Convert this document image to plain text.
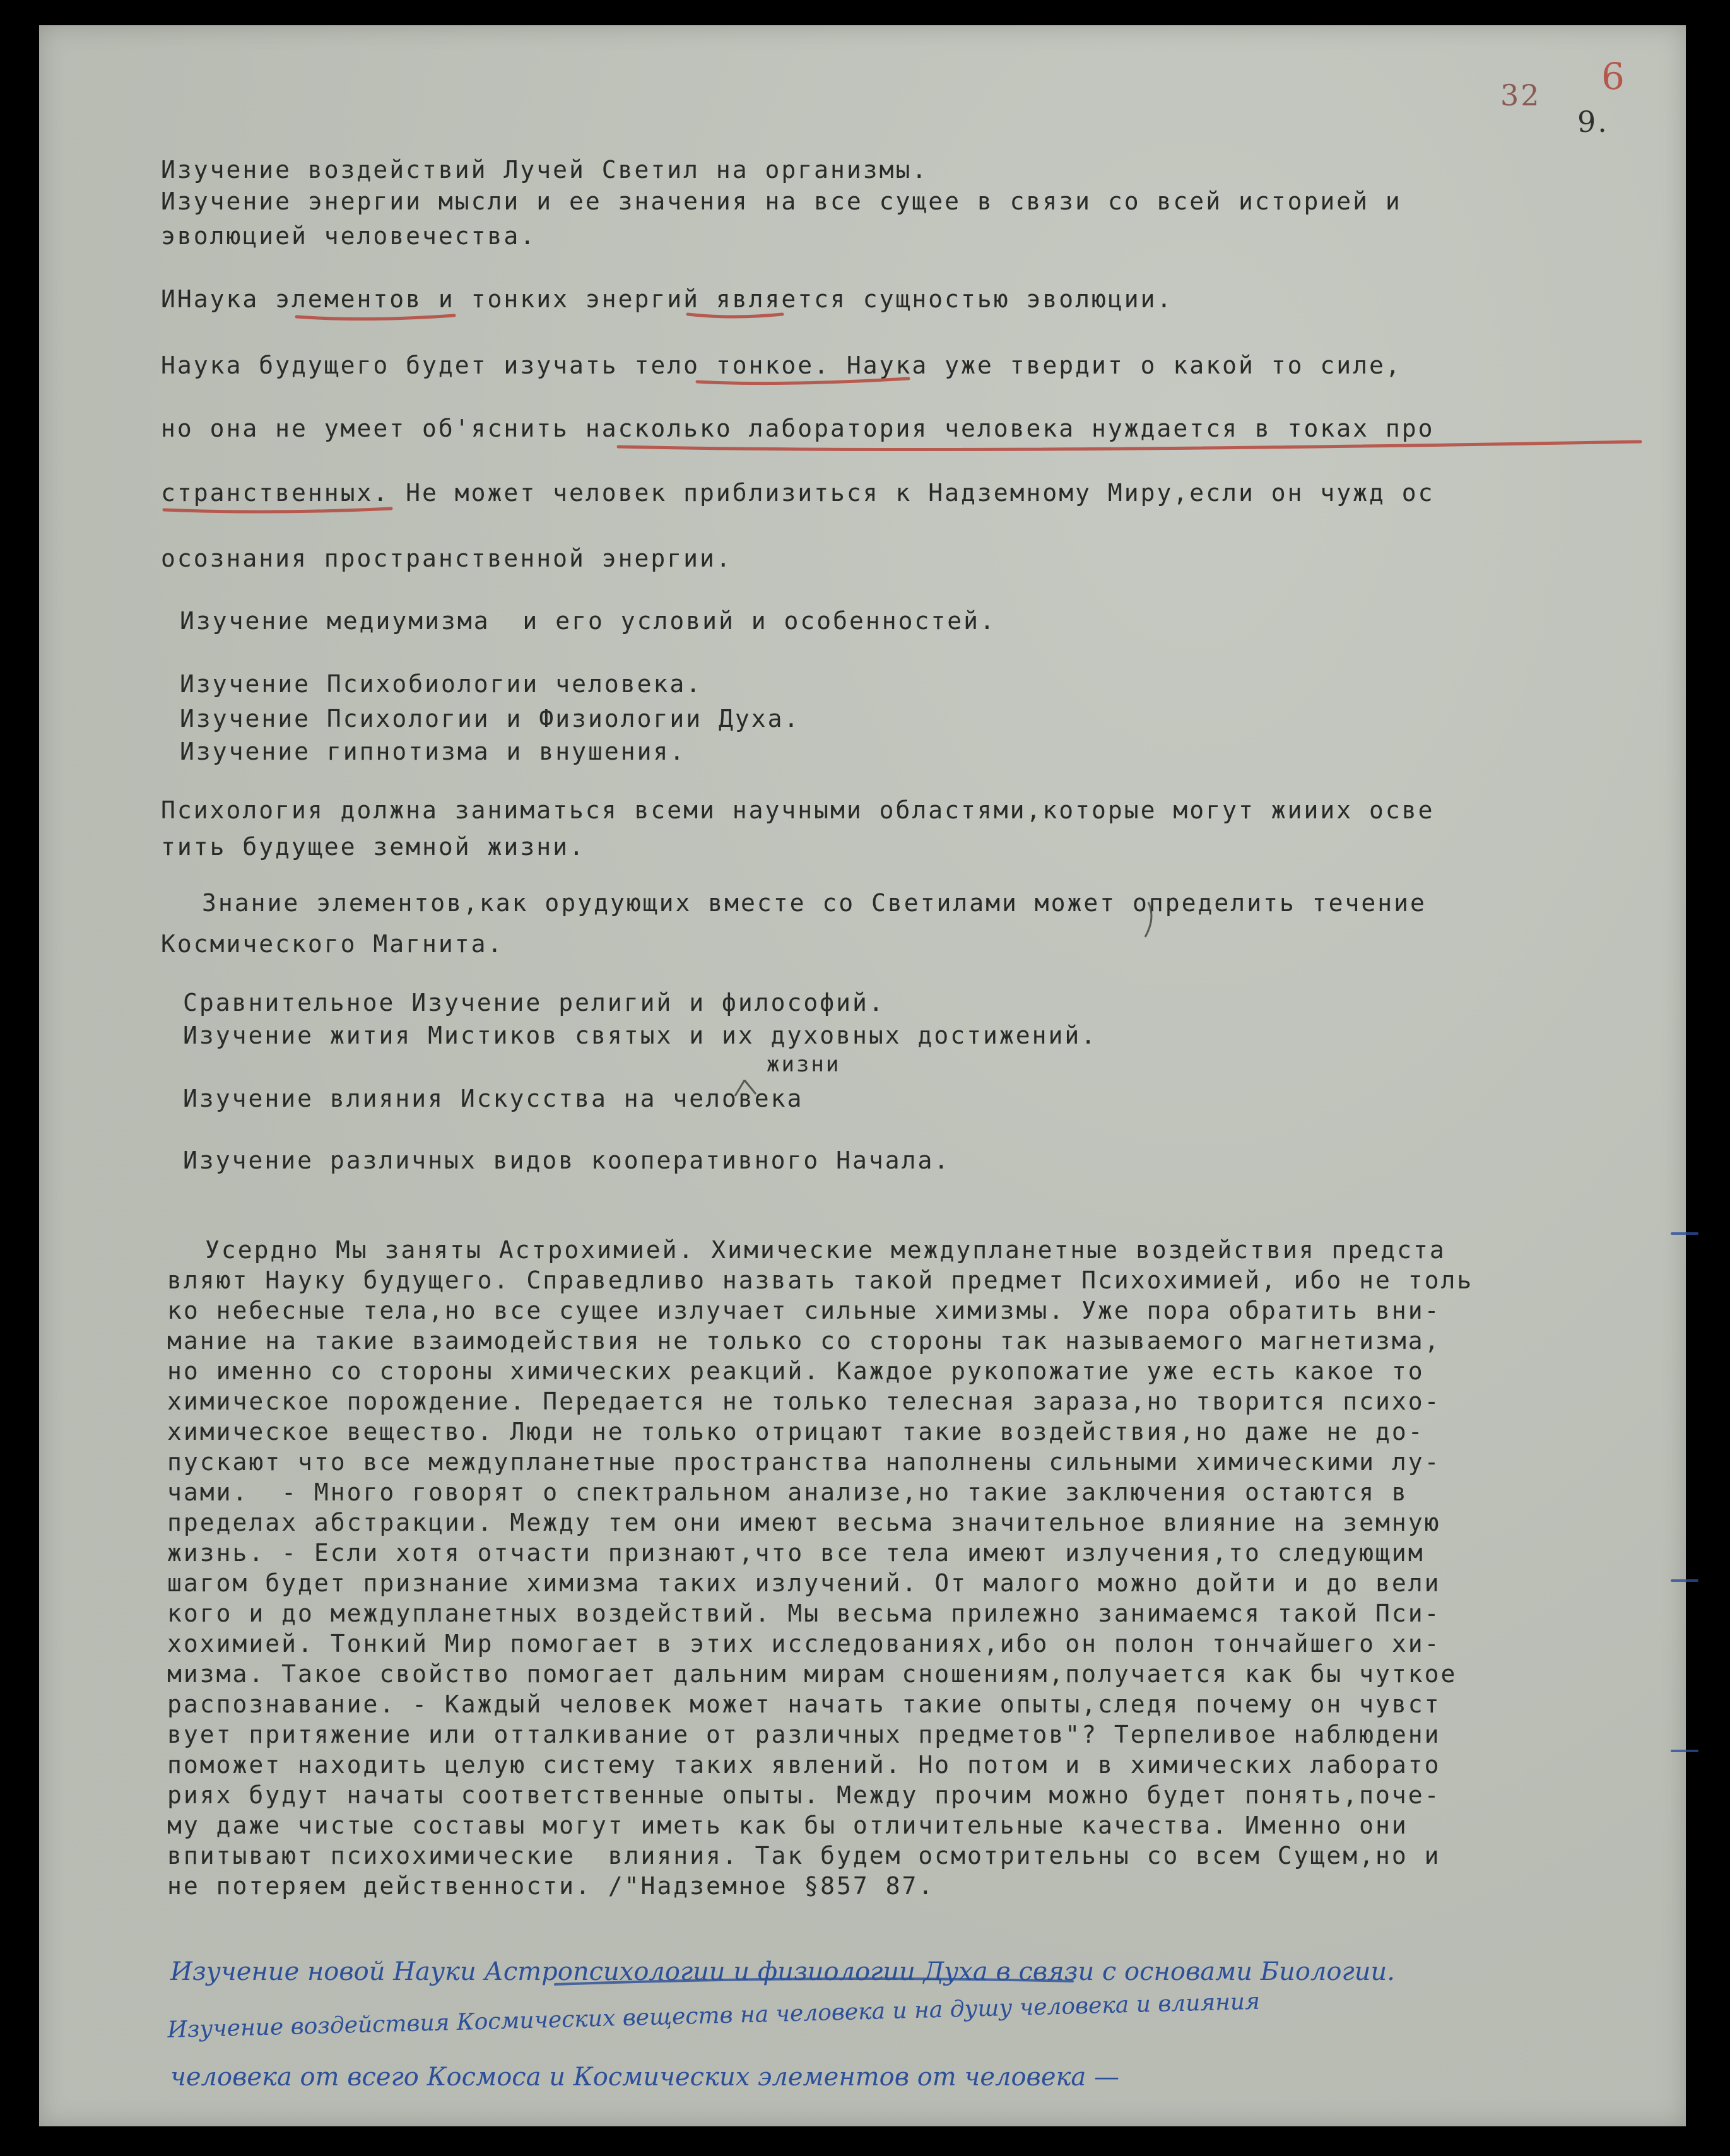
32 6
9.
Изучение воздействий Лучей Светил на организмы.
Изучение энергии мысли и ее значения на все сущее в связи со всей историей и
эволюцией человечества.
ИНаука элементов и тонких энергий является сущностью эволюции.
Наука будущего будет изучать тело тонкое. Наука уже твердит о какой то силе,
но она не умеет об'яснить насколько лаборатория человека нуждается в токах про
странственных. Не может человек приблизиться к Надземному Миру,если он чужд ос
осознания пространственной энергии.
Изучение медиумизма  и его условий и особенностей.
Изучение Психобиологии человека.
Изучение Психологии и Физиологии Духа.
Изучение гипнотизма и внушения.
Психология должна заниматься всеми научными областями,которые могут жииих осве
тить будущее земной жизни.
Знание элементов,как орудующих вместе со Светилами может определить течение
Космического Магнита.
Сравнительное Изучение религий и философий.
Изучение жития Мистиков святых и их духовных достижений.
жизни
Изучение влияния Искусства на человека
Изучение различных видов кооперативного Начала.
Усердно Мы заняты Астрохимией. Химические междупланетные воздействия предста
вляют Науку будущего. Справедливо назвать такой предмет Психохимией, ибо не толь
ко небесные тела,но все сущее излучает сильные химизмы. Уже пора обратить вни-
мание на такие взаимодействия не только со стороны так называемого магнетизма,
но именно со стороны химических реакций. Каждое рукопожатие уже есть какое то
химическое порождение. Передается не только телесная зараза,но творится психо-
химическое вещество. Люди не только отрицают такие воздействия,но даже не до-
пускают что все междупланетные пространства наполнены сильными химическими лу-
чами.  - Много говорят о спектральном анализе,но такие заключения остаются в
пределах абстракции. Между тем они имеют весьма значительное влияние на земную
жизнь. - Если хотя отчасти признают,что все тела имеют излучения,то следующим
шагом будет признание химизма таких излучений. От малого можно дойти и до вели
кого и до междупланетных воздействий. Мы весьма прилежно занимаемся такой Пси-
хохимией. Тонкий Мир помогает в этих исследованиях,ибо он полон тончайшего хи-
мизма. Такое свойство помогает дальним мирам сношениям,получается как бы чуткое
распознавание. - Каждый человек может начать такие опыты,следя почему он чувст
вует притяжение или отталкивание от различных предметов"? Терпеливое наблюдени
поможет находить целую систему таких явлений. Но потом и в химических лаборато
риях будут начаты соответственные опыты. Между прочим можно будет понять,поче-
му даже чистые составы могут иметь как бы отличительные качества. Именно они
впитывают психохимические  влияния. Так будем осмотрительны со всем Сущем,но и
не потеряем действенности. /"Надземное §857 87.
Изучение новой Науки Астропсихологии и физиологии Духа в связи с основами Биологии.
Изучение воздействия Космических веществ на человека и на душу человека и влияния
человека от всего Космоса и Космических элементов от человека —
